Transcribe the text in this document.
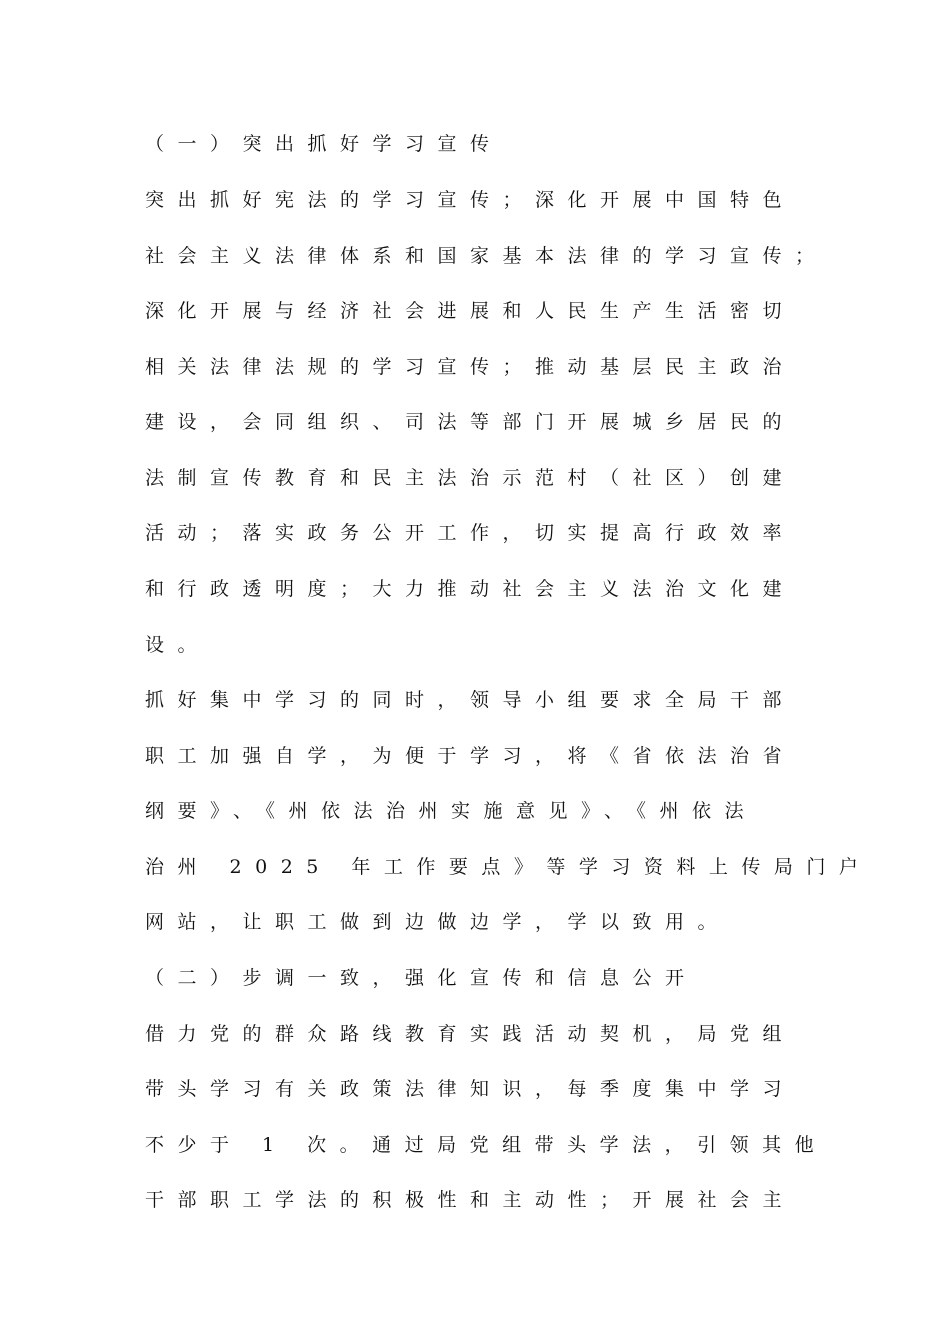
（一）突出抓好学习宣传
突出抓好宪法的学习宣传；深化开展中国特色
社会主义法律体系和国家基本法律的学习宣传；
深化开展与经济社会进展和人民生产生活密切
相关法律法规的学习宣传；推动基层民主政治
建设，会同组织、司法等部门开展城乡居民的
法制宣传教育和民主法治示范村（社区）创建
活动；落实政务公开工作，切实提高行政效率
和行政透明度；大力推动社会主义法治文化建
设。
抓好集中学习的同时，领导小组要求全局干部
职工加强自学，为便于学习，将《省依法治省
纲要》、《州依法治州实施意见》、《州依法
治州 2025 年工作要点》等学习资料上传局门户
网站，让职工做到边做边学，学以致用。
（二）步调一致，强化宣传和信息公开
借力党的群众路线教育实践活动契机，局党组
带头学习有关政策法律知识，每季度集中学习
不少于 1 次。通过局党组带头学法，引领其他
干部职工学法的积极性和主动性；开展社会主
